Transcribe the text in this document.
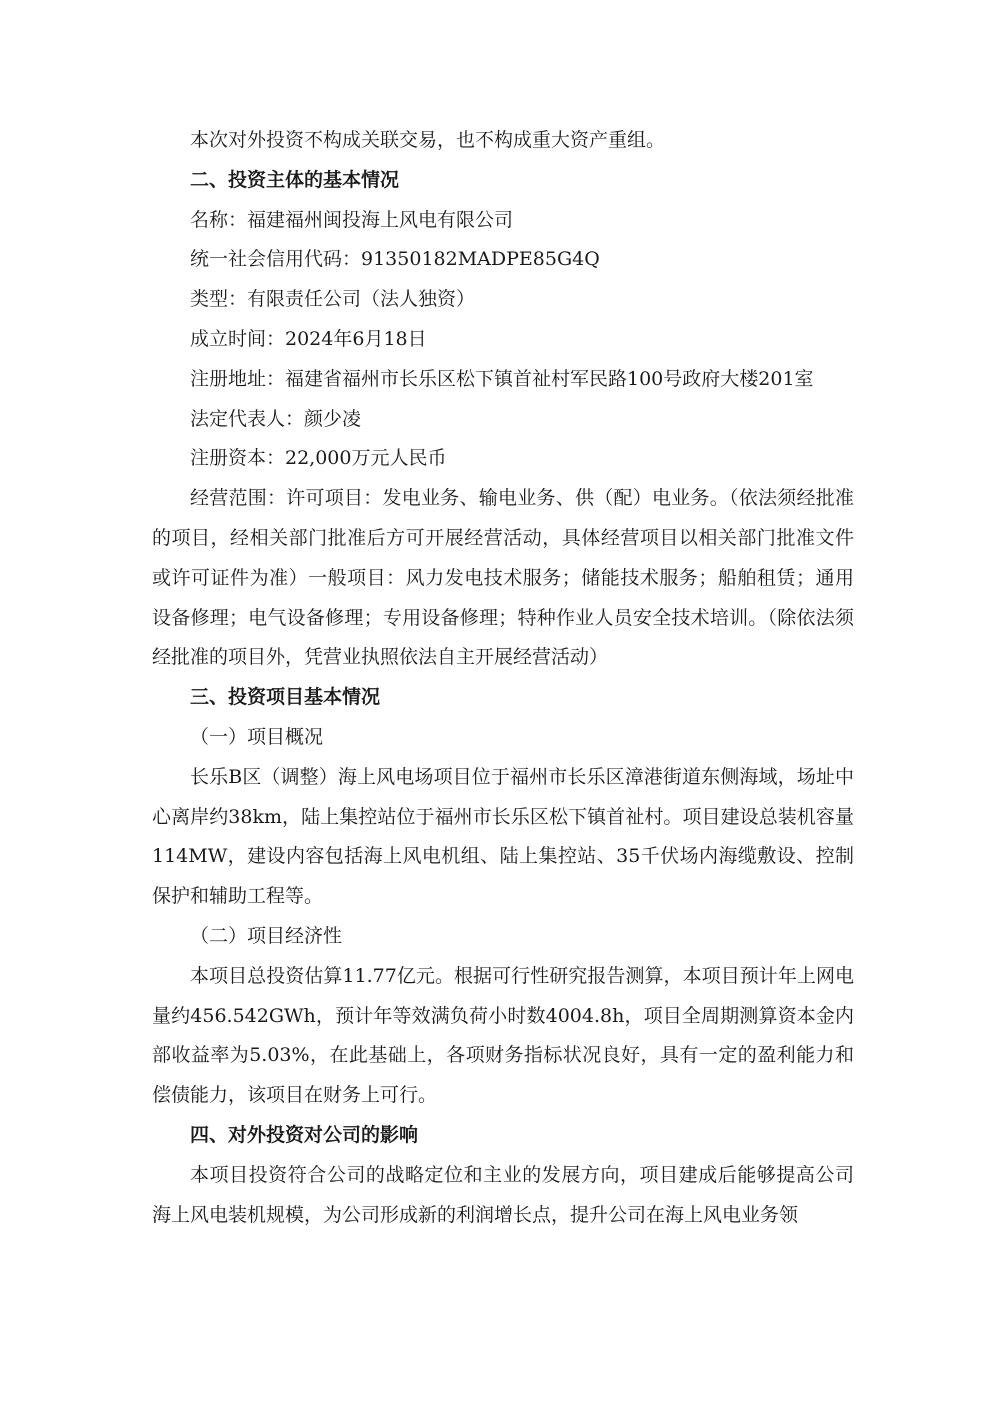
本次对外投资不构成关联交易，也不构成重大资产重组。

二、投资主体的基本情况

名称：福建福州闽投海上风电有限公司

统一社会信用代码：91350182MADPE85G4Q

类型：有限责任公司（法人独资）

成立时间：2024年6月18日

注册地址：福建省福州市长乐区松下镇首祉村军民路100号政府大楼201室

法定代表人：颜少凌

注册资本：22,000万元人民币

经营范围：许可项目：发电业务、输电业务、供（配）电业务。（依法须经批准的项目，经相关部门批准后方可开展经营活动，具体经营项目以相关部门批准文件或许可证件为准）一般项目：风力发电技术服务；储能技术服务；船舶租赁；通用设备修理；电气设备修理；专用设备修理；特种作业人员安全技术培训。（除依法须经批准的项目外，凭营业执照依法自主开展经营活动）

三、投资项目基本情况

（一）项目概况

长乐B区（调整）海上风电场项目位于福州市长乐区漳港街道东侧海域，场址中心离岸约38km，陆上集控站位于福州市长乐区松下镇首祉村。项目建设总装机容量114MW，建设内容包括海上风电机组、陆上集控站、35千伏场内海缆敷设、控制保护和辅助工程等。

（二）项目经济性

本项目总投资估算11.77亿元。根据可行性研究报告测算，本项目预计年上网电量约456.542GWh，预计年等效满负荷小时数4004.8h，项目全周期测算资本金内部收益率为5.03%，在此基础上，各项财务指标状况良好，具有一定的盈利能力和偿债能力，该项目在财务上可行。

四、对外投资对公司的影响

本项目投资符合公司的战略定位和主业的发展方向，项目建成后能够提高公司海上风电装机规模，为公司形成新的利润增长点，提升公司在海上风电业务领
